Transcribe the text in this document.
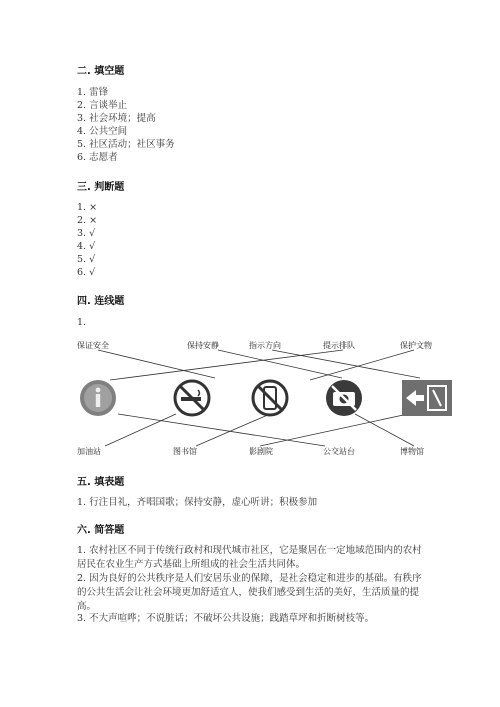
二. 填空题
1. 雷锋
2. 言谈举止
3. 社会环境；提高
4. 公共空间
5. 社区活动；社区事务
6. 志愿者
三. 判断题
1. ×
2. ×
3. √
4. √
5. √
6. √
四. 连线题
1.
保证安全	保持安静	指示方向	提示排队	保护文物
加油站	图书馆	影剧院	公交站台	博物馆
五. 填表题
1. 行注目礼，齐唱国歌；保持安静，虚心听讲；积极参加
六. 简答题
1. 农村社区不同于传统行政村和现代城市社区，它是聚居在一定地域范围内的农村居民在农业生产方式基础上所组成的社会生活共同体。
2. 因为良好的公共秩序是人们安居乐业的保障，是社会稳定和进步的基础。有秩序的公共生活会让社会环境更加舒适宜人，使我们感受到生活的美好，生活质量的提高。
3. 不大声喧哗；不说脏话；不破坏公共设施；践踏草坪和折断树枝等。
